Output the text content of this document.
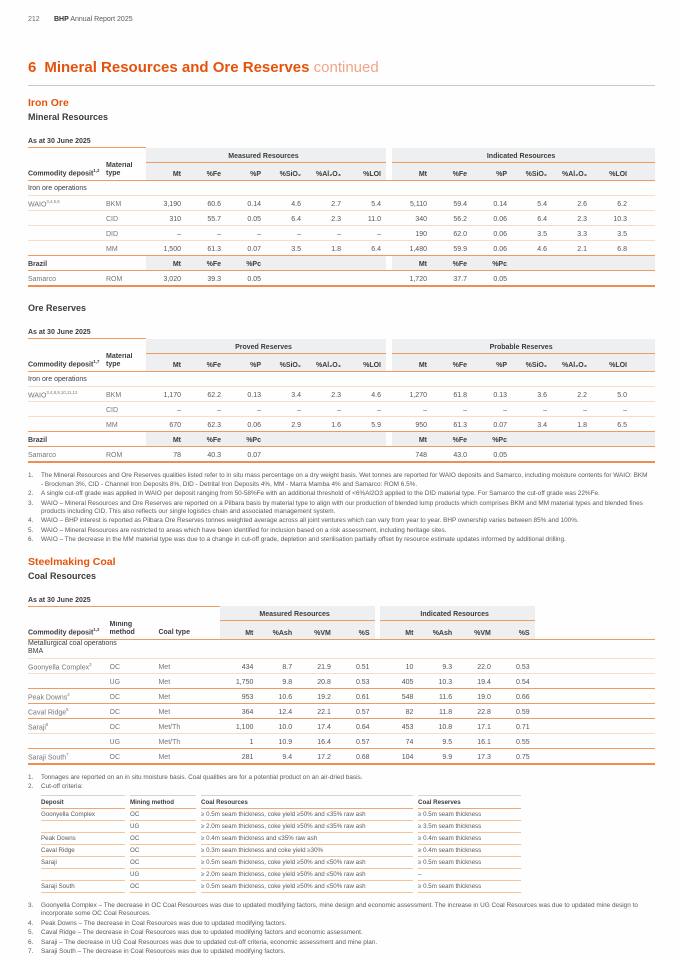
212 BHP Annual Report 2025
6 Mineral Resources and Ore Reserves continued
Iron Ore
Mineral Resources
As at 30 June 2025															
		Measured Resources							Indicated Resources						
Commodity deposit$^{1,2}$	Material type	Mt	%Fe	%P	%SiO₂	%Al₂O₃	%LOI		Mt	%Fe	%P	%SiO₂	%Al₂O₃	%LOI	
Iron ore operations															
WAIO$^{3,4,5,6}$	BKM	3,190	60.6	0.14	4.6	2.7	5.4		5,110	59.4	0.14	5.4	2.6	6.2	
	CID	310	55.7	0.05	6.4	2.3	11.0		340	56.2	0.06	6.4	2.3	10.3	
	DID	–	–	–	–	–	–		190	62.0	0.06	3.5	3.3	3.5	
	MM	1,500	61.3	0.07	3.5	1.8	6.4		1,480	59.9	0.06	4.6	2.1	6.8	
Brazil		Mt	%Fe	%Pc					Mt	%Fe	%Pc				
Samarco	ROM	3,020	39.3	0.05					1,720	37.7	0.05				
Ore Reserves
As at 30 June 2025															
		Proved Reserves							Probable Reserves						
Commodity deposit$^{1,7}$	Material type	Mt	%Fe	%P	%SiO₂	%Al₂O₃	%LOI		Mt	%Fe	%P	%SiO₂	%Al₂O₃	%LOI	
Iron ore operations															
WAIO$^{3,4,8,9,10,11,12}$	BKM	1,170	62.2	0.13	3.4	2.3	4.6		1,270	61.8	0.13	3.6	2.2	5.0	
	CID	–	–	–	–	–	–		–	–	–	–	–	–	
	MM	670	62.3	0.06	2.9	1.6	5.9		950	61.3	0.07	3.4	1.8	6.5	
Brazil		Mt	%Fe	%Pc					Mt	%Fe	%Pc				
Samarco	ROM	78	40.3	0.07					748	43.0	0.05				
1.	The Mineral Resources and Ore Reserves qualities listed refer to in situ mass percentage on a dry weight basis. Wet tonnes are reported for WAIO deposits and Samarco, including moisture contents for WAIO: BKM - Brockman 3%, CID - Channel Iron Deposits 8%, DID - Detrital Iron Deposits 4%, MM - Marra Mamba 4% and Samarco: ROM 6.5%.
2.	A single cut-off grade was applied in WAIO per deposit ranging from 50-58%Fe with an additional threshold of <6%Al2O3 applied to the DID material type. For Samarco the cut-off grade was 22%Fe.
3.	WAIO – Mineral Resources and Ore Reserves are reported on a Pilbara basis by material type to align with our production of blended lump products which comprises BKM and MM material types and blended fines products including CID. This also reflects our single logistics chain and associated management system.
4.	WAIO – BHP interest is reported as Pilbara Ore Reserves tonnes weighted average across all joint ventures which can vary from year to year. BHP ownership varies between 85% and 100%.
5.	WAIO – Mineral Resources are restricted to areas which have been identified for inclusion based on a risk assessment, including heritage sites.
6.	WAIO – The decrease in the MM material type was due to a change in cut-off grade, depletion and sterilisation partially offset by resource estimate updates informed by additional drilling.
Steelmaking Coal
Coal Resources
As at 30 June 2025												
			Measured Resources					Indicated Resources				
Commodity deposit$^{1,2}$	Mining method	Coal type	Mt	%Ash	%VM	%S		Mt	%Ash	%VM	%S	
Metallurgical coal operations
BMA												
Goonyella Complex$^3$	OC	Met	434	8.7	21.9	0.51		10	9.3	22.0	0.53	
	UG	Met	1,750	9.8	20.8	0.53		405	10.3	19.4	0.54	
Peak Downs$^4$	OC	Met	953	10.6	19.2	0.61		548	11.6	19.0	0.66	
Caval Ridge$^5$	OC	Met	364	12.4	22.1	0.57		82	11.8	22.8	0.59	
Saraji$^6$	OC	Met/Th	1,100	10.0	17.4	0.64		453	10.8	17.1	0.71	
	UG	Met/Th	1	10.9	16.4	0.57		74	9.5	16.1	0.55	
Saraji South$^7$	OC	Met	281	9.4	17.2	0.68		104	9.9	17.3	0.75	
1.	Tonnages are reported on an in situ moisture basis. Coal qualities are for a potential product on an air-dried basis.
2.	Cut-off criteria:
Deposit	Mining method	Coal Resources	Coal Reserves
Goonyella Complex	OC	≥ 0.5m seam thickness, coke yield ≥50% and ≤35% raw ash	≥ 0.5m seam thickness
	UG	≥ 2.0m seam thickness, coke yield ≥50% and ≤35% raw ash	≥ 3.5m seam thickness
Peak Downs	OC	≥ 0.4m seam thickness and ≤35% raw ash	≥ 0.4m seam thickness
Caval Ridge	OC	≥ 0.3m seam thickness and coke yield ≥30%	≥ 0.4m seam thickness
Saraji	OC	≥ 0.5m seam thickness, coke yield ≥50% and ≤50% raw ash	≥ 0.5m seam thickness
	UG	≥ 2.0m seam thickness, coke yield ≥50% and ≤50% raw ash	–
Saraji South	OC	≥ 0.5m seam thickness, coke yield ≥50% and ≤50% raw ash	≥ 0.5m seam thickness
3.	Goonyella Complex – The decrease in OC Coal Resources was due to updated modifying factors, mine design and economic assessment. The increase in UG Coal Resources was due to updated mine design to incorporate some OC Coal Resources.
4.	Peak Downs – The decrease in Coal Resources was due to updated modifying factors.
5.	Caval Ridge – The decrease in Coal Resources was due to updated modifying factors and economic assessment.
6.	Saraji – The decrease in UG Coal Resources was due to updated cut-off criteria, economic assessment and mine plan.
7.	Saraji South – The decrease in Coal Resources was due to updated modifying factors.
